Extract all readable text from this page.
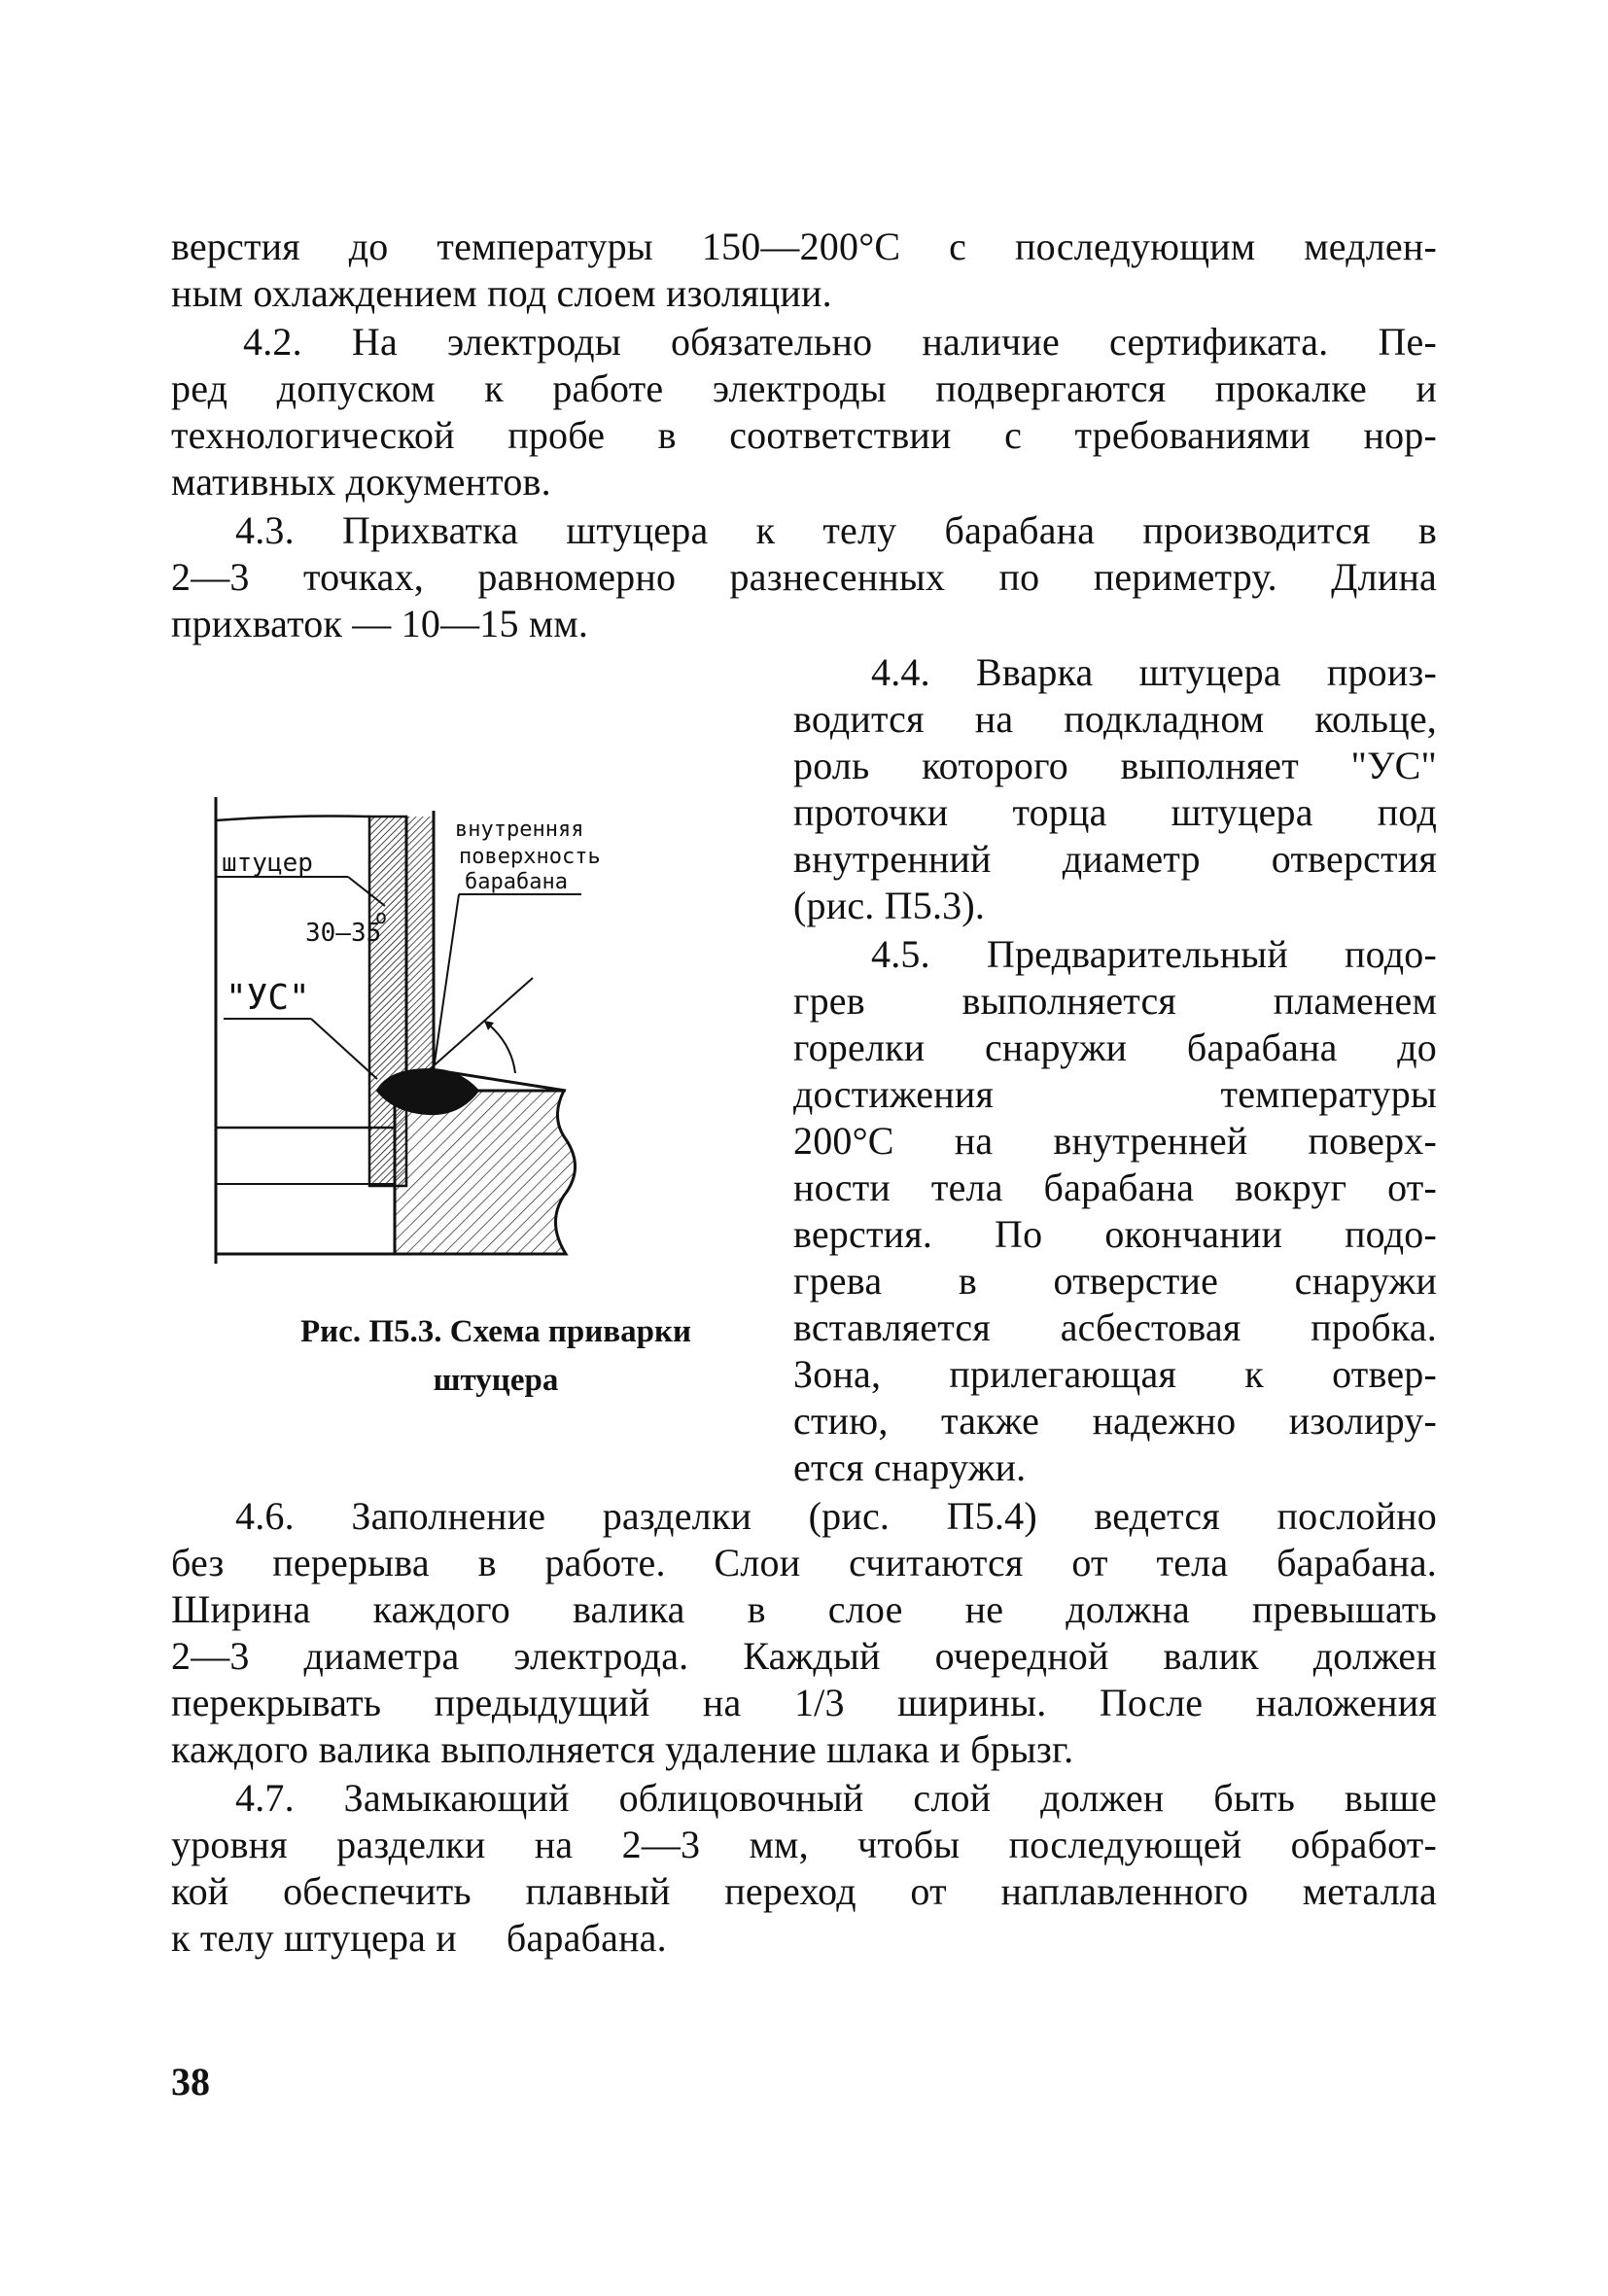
верстия до температуры 150—200°С с последующим медлен-
ным охлаждением под слоем изоляции.
4.2. На электроды обязательно наличие сертификата. Пе-
ред допуском к работе электроды подвергаются прокалке и
технологической пробе в соответствии с требованиями нор-
мативных документов.
4.3. Прихватка штуцера к телу барабана производится в
2—3 точках, равномерно разнесенных по периметру. Длина
прихваток — 10—15 мм.
4.4. Вварка штуцера произ-
водится на подкладном кольце,
роль которого выполняет "УС"
проточки торца штуцера под
внутренний диаметр отверстия
(рис. П5.3).
4.5. Предварительный подо-
грев выполняется пламенем
горелки снаружи барабана до
достижения температуры
200°С на внутренней поверх-
ности тела барабана вокруг от-
верстия. По окончании подо-
грева в отверстие снаружи
вставляется асбестовая пробка.
Зона, прилегающая к отвер-
стию, также надежно изолиру-
ется снаружи.
штуцер
"УС"
30—35
o
внутренняя
поверхность
барабана
Рис. П5.3. Схема приварки
штуцера
4.6. Заполнение разделки (рис. П5.4) ведется послойно
без перерыва в работе. Слои считаются от тела барабана.
Ширина каждого валика в слое не должна превышать
2—3 диаметра электрода. Каждый очередной валик должен
перекрывать предыдущий на 1/3 ширины. После наложения
каждого валика выполняется удаление шлака и брызг.
4.7. Замыкающий облицовочный слой должен быть выше
уровня разделки на 2—3 мм, чтобы последующей обработ-
кой обеспечить плавный переход от наплавленного металла
к телу штуцера и     барабана.
38
